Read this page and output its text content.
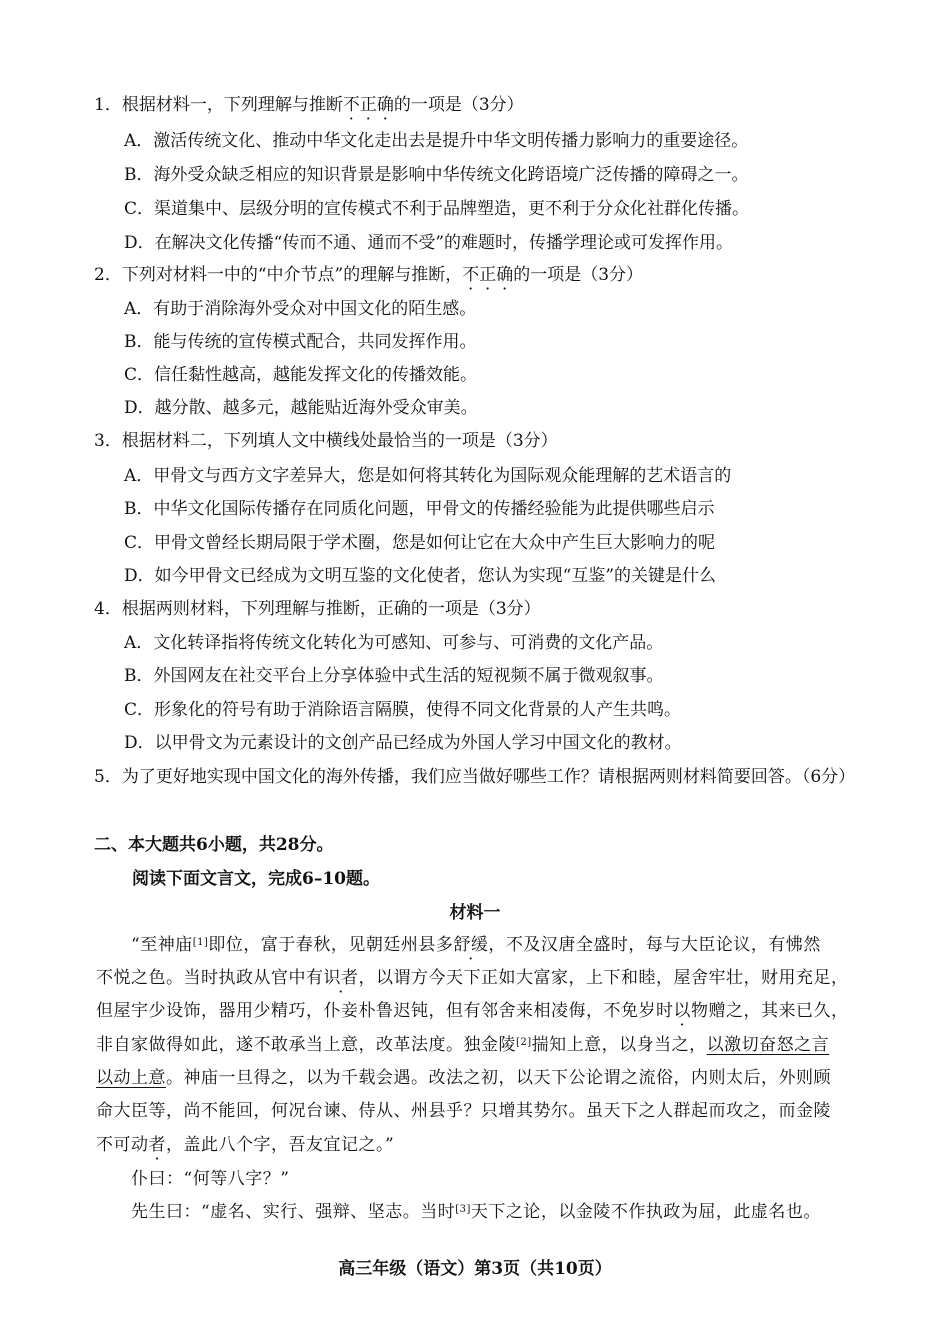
1．根据材料一，下列理解与推断不正确的一项是（3分）
A．激活传统文化、推动中华文化走出去是提升中华文明传播力影响力的重要途径。
B．海外受众缺乏相应的知识背景是影响中华传统文化跨语境广泛传播的障碍之一。
C．渠道集中、层级分明的宣传模式不利于品牌塑造，更不利于分众化社群化传播。
D．在解决文化传播“传而不通、通而不受”的难题时，传播学理论或可发挥作用。
2．下列对材料一中的“中介节点”的理解与推断，不正确的一项是（3分）
A．有助于消除海外受众对中国文化的陌生感。
B．能与传统的宣传模式配合，共同发挥作用。
C．信任黏性越高，越能发挥文化的传播效能。
D．越分散、越多元，越能贴近海外受众审美。
3．根据材料二，下列填人文中横线处最恰当的一项是（3分）
A．甲骨文与西方文字差异大，您是如何将其转化为国际观众能理解的艺术语言的
B．中华文化国际传播存在同质化问题，甲骨文的传播经验能为此提供哪些启示
C．甲骨文曾经长期局限于学术圈，您是如何让它在大众中产生巨大影响力的呢
D．如今甲骨文已经成为文明互鉴的文化使者，您认为实现“互鉴”的关键是什么
4．根据两则材料，下列理解与推断，正确的一项是（3分）
A．文化转译指将传统文化转化为可感知、可参与、可消费的文化产品。
B．外国网友在社交平台上分享体验中式生活的短视频不属于微观叙事。
C．形象化的符号有助于消除语言隔膜，使得不同文化背景的人产生共鸣。
D．以甲骨文为元素设计的文创产品已经成为外国人学习中国文化的教材。
5．为了更好地实现中国文化的海外传播，我们应当做好哪些工作？请根据两则材料简要回答。（6分）
二、本大题共6小题，共28分。
阅读下面文言文，完成6–10题。
材料一
“至神庙[1]即位，富于春秋，见朝廷州县多舒缓，不及汉唐全盛时，每与大臣论议，有怫然
不悦之色。当时执政从官中有识者，以谓方今天下正如大富家，上下和睦，屋舍牢壮，财用充足，
但屋宇少设饰，器用少精巧，仆妾朴鲁迟钝，但有邻舍来相凌侮，不免岁时以物赠之，其来已久，
非自家做得如此，遂不敢承当上意，改革法度。独金陵[2]揣知上意，以身当之，以激切奋怒之言
以动上意。神庙一旦得之，以为千载会遇。改法之初，以天下公论谓之流俗，内则太后，外则顾
命大臣等，尚不能回，何况台谏、侍从、州县乎？只增其势尔。虽天下之人群起而攻之，而金陵
不可动者，盖此八个字，吾友宜记之。”
仆曰：“何等八字？”
先生曰：“虚名、实行、强辩、坚志。当时[3]天下之论，以金陵不作执政为屈，此虚名也。
高三年级（语文）第3页（共10页）
